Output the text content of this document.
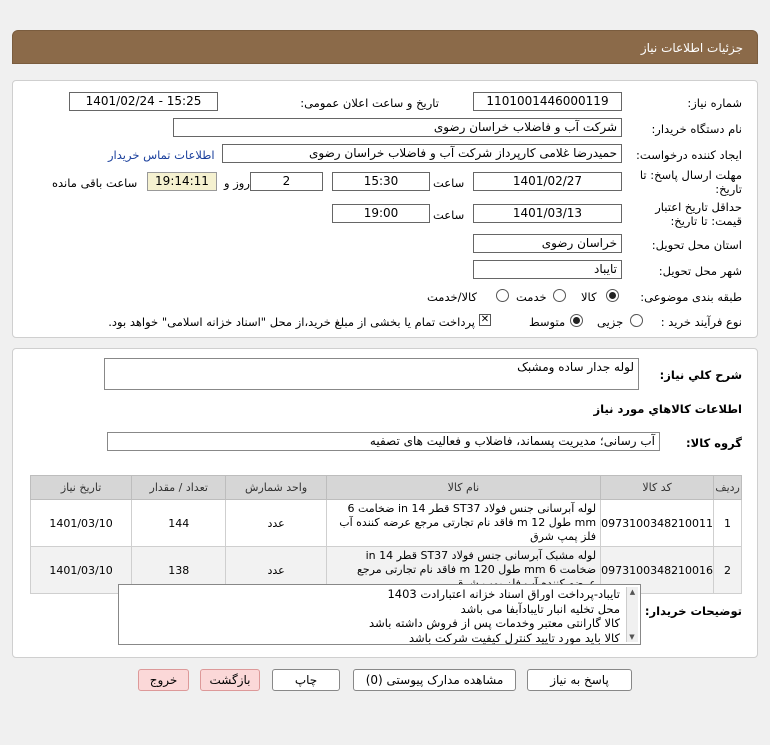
جزئیات اطلاعات نیاز
شماره نیاز:
1101001446000119
تاریخ و ساعت اعلان عمومی:
1401/02/24 - 15:25
نام دستگاه خریدار:
شرکت آب و فاضلاب خراسان رضوی
ایجاد کننده درخواست:
حمیدرضا غلامی کارپرداز شرکت آب و فاضلاب خراسان رضوی
اطلاعات تماس خریدار
مهلت ارسال پاسخ: تا
تاریخ:
1401/02/27
ساعت
15:30
2
روز و
19:14:11
ساعت باقی مانده
حداقل تاریخ اعتبار
قیمت: تا تاریخ:
1401/03/13
ساعت
19:00
استان محل تحویل:
خراسان رضوی
شهر محل تحویل:
تایباد
طبقه بندی موضوعی:
کالا
خدمت
کالا/خدمت
نوع فرآیند خرید :
جزیی
متوسط
✕
پرداخت تمام یا بخشی از مبلغ خرید،از محل "اسناد خزانه اسلامی" خواهد بود.
شرح کلي نياز:
لوله جدار ساده ومشبک
اطلاعات کالاهاي مورد نياز
گروه کالا:
آب رسانی؛ مدیریت پسماند، فاضلاب و فعالیت های تصفیه
ردیف	کد کالا	نام کالا	واحد شمارش	تعداد / مقدار	تاریخ نیاز
1	0973100348210011	لوله آبرسانی جنس فولاد ST37 قطر 14 in ضخامت 6 mm طول 12 m فاقد نام تجارتی مرجع عرضه کننده آب فلز پمپ شرق	عدد	144	1401/03/10
2	0973100348210016	لوله مشبک آبرسانی جنس فولاد ST37 قطر 14 in ضخامت 6 mm طول 120 m فاقد نام تجارتی مرجع	عدد	138	1401/03/10
توضیحات خریدار:
تایباد-پرداخت اوراق اسناد خزانه اعتبارادت 1403
محل تخلیه انبار تایبادآبفا می باشد
کالا گارانتی معتبر وخدمات پس از فروش داشته باشد
کالا باید مورد تایید کنترل کیفیت شرکت باشد
▲
▼
پاسخ به نیاز
مشاهده مدارک پیوستی (0)
چاپ
بازگشت
خروج
